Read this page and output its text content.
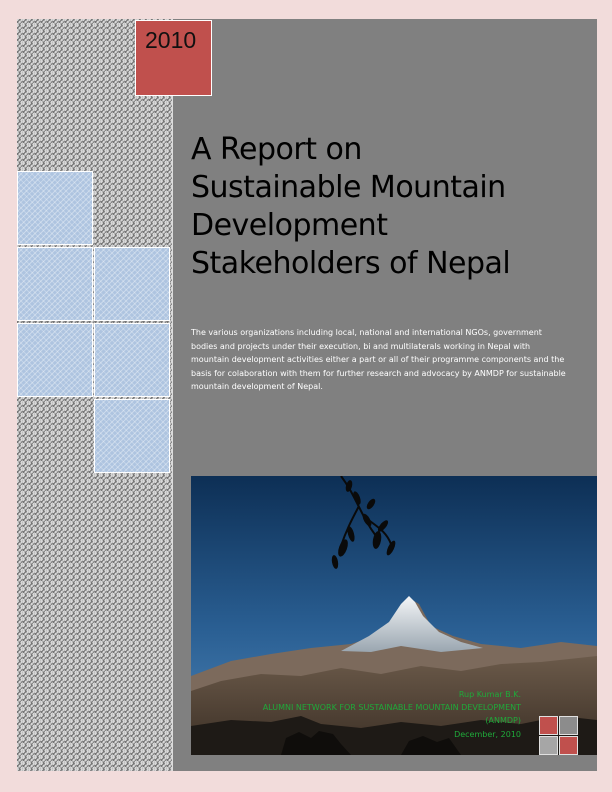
2010
A Report on
Sustainable Mountain
Development
Stakeholders of Nepal
The various organizations including local, national and international NGOs, government bodies and projects under their execution, bi and multilaterals working in Nepal with mountain development activities either a part or all of their programme components and the basis for colaboration with them for further research and advocacy by ANMDP for sustainable mountain development of Nepal.
Rup Kumar B.K.
ALUMNI NETWORK FOR SUSTAINABLE MOUNTAIN DEVELOPMENT
(ANMDP)
December, 2010
